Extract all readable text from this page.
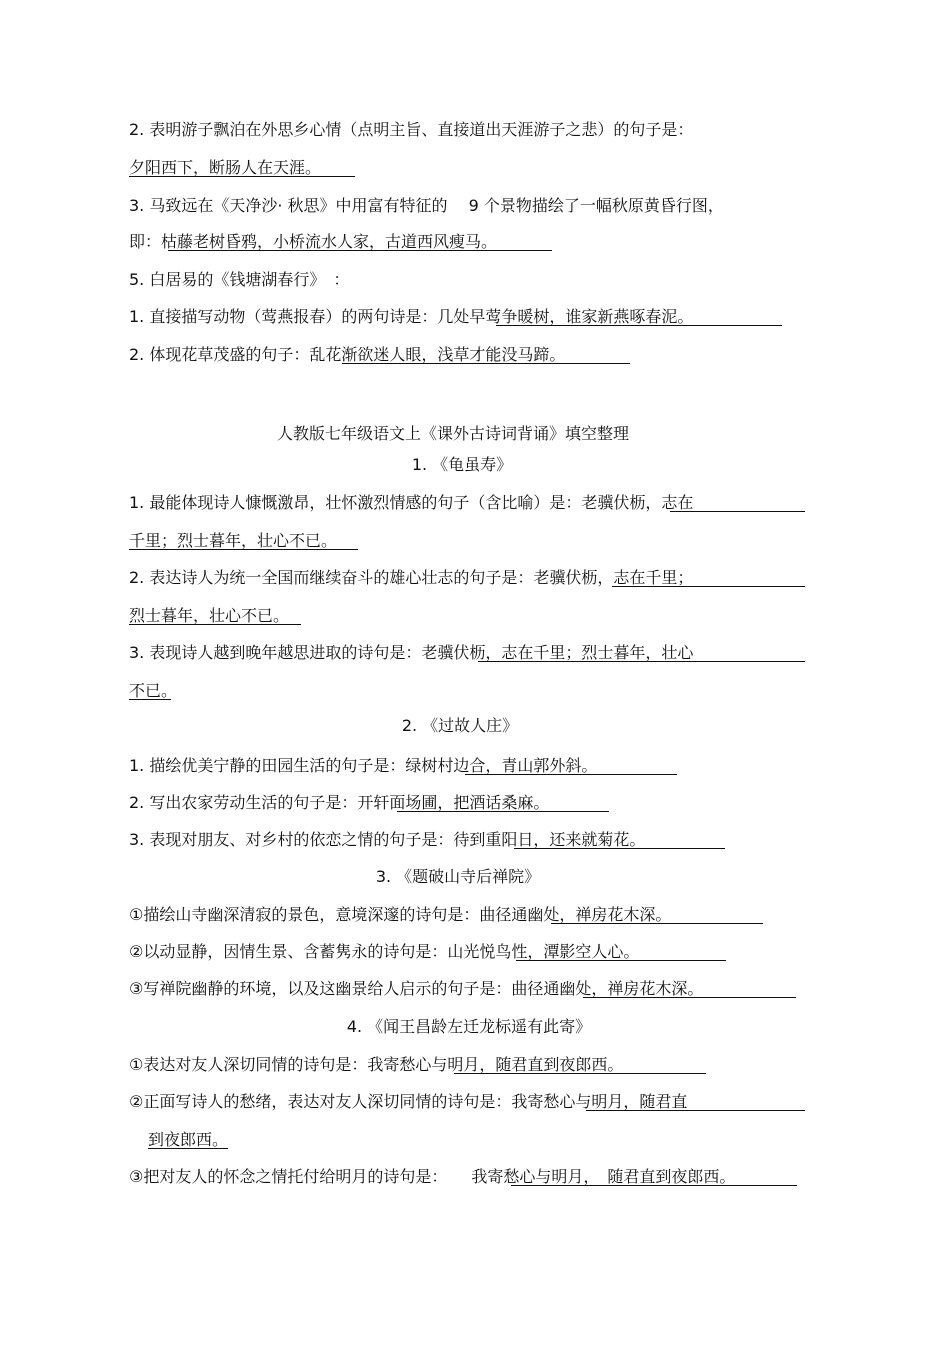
2. 表明游子飘泊在外思乡心情（点明主旨、直接道出天涯游子之悲）的句子是：
夕阳西下，断肠人在天涯。
3. 马致远在《天净沙· 秋思》中用富有特征的　 9 个景物描绘了一幅秋原黄昏行图，
即：枯藤老树昏鸦，小桥流水人家，古道西风瘦马。
5. 白居易的《钱塘湖春行》　：
1. 直接描写动物（莺燕报春）的两句诗是：几处早莺争暖树，谁家新燕啄春泥。
2. 体现花草茂盛的句子：乱花渐欲迷人眼，浅草才能没马蹄。
人教版七年级语文上《课外古诗词背诵》填空整理
1. 《龟虽寿》
1. 最能体现诗人慷慨激昂，壮怀激烈情感的句子（含比喻）是：老骥伏枥，志在
千里；烈士暮年，壮心不已。
2. 表达诗人为统一全国而继续奋斗的雄心壮志的句子是：老骥伏枥，志在千里；
烈士暮年，壮心不已。
3. 表现诗人越到晚年越思进取的诗句是：老骥伏枥，志在千里；烈士暮年，壮心
不已。
2. 《过故人庄》
1. 描绘优美宁静的田园生活的句子是：绿树村边合，青山郭外斜。
2. 写出农家劳动生活的句子是：开轩面场圃，把酒话桑麻。
3. 表现对朋友、对乡村的依恋之情的句子是：待到重阳日，还来就菊花。
3. 《题破山寺后禅院》
①描绘山寺幽深清寂的景色，意境深邃的诗句是：曲径通幽处，禅房花木深。
②以动显静，因情生景、含蓄隽永的诗句是：山光悦鸟性，潭影空人心。
③写禅院幽静的环境，以及这幽景给人启示的句子是：曲径通幽处，禅房花木深。
4. 《闻王昌龄左迁龙标遥有此寄》
①表达对友人深切同情的诗句是：我寄愁心与明月，随君直到夜郎西。
②正面写诗人的愁绪，表达对友人深切同情的诗句是：我寄愁心与明月，随君直
到夜郎西。
③把对友人的怀念之情托付给明月的诗句是：　　我寄愁心与明月，　随君直到夜郎西。
